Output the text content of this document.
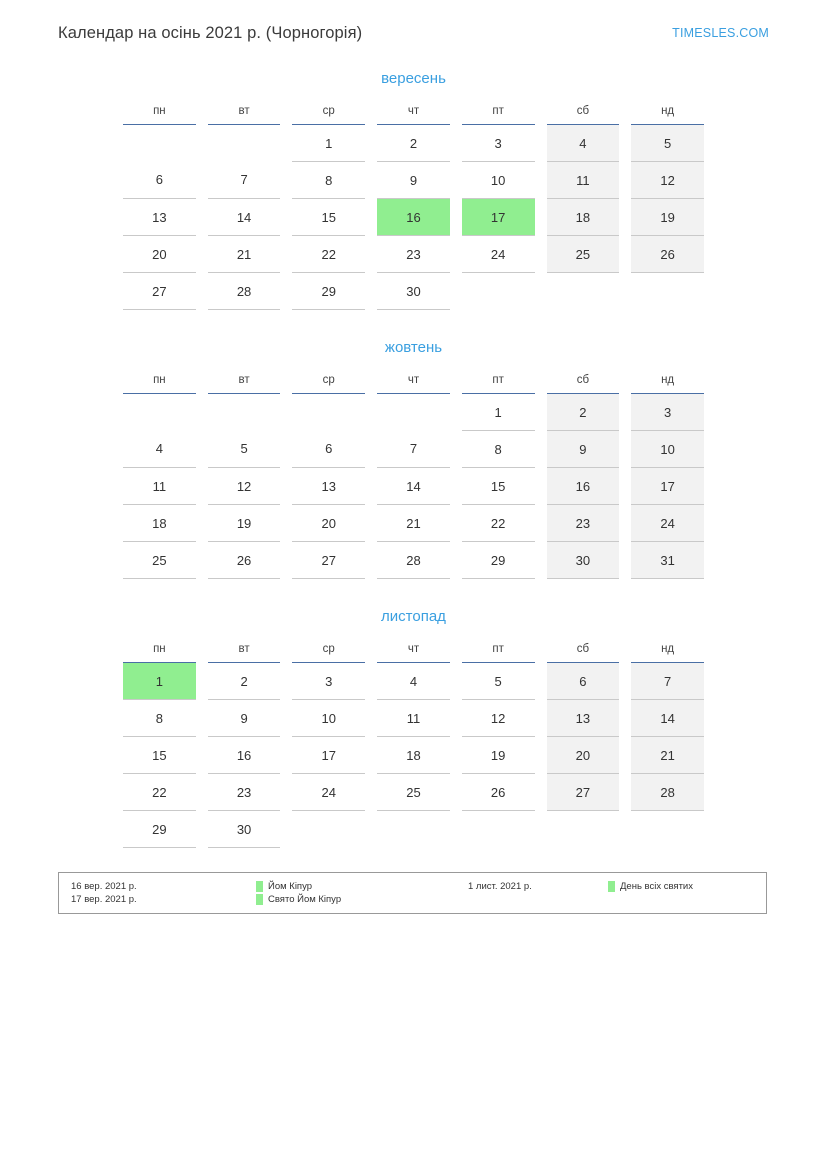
Календар на осінь 2021 р. (Чорногорія)	TIMESLES.COM
вересень
пн		вт		ср		чт		пт		сб		нд
				1		2		3		4		5
6		7		8		9		10		11		12
13		14		15		16		17		18		19
20		21		22		23		24		25		26
27		28		29		30						
жовтень
пн		вт		ср		чт		пт		сб		нд
								1		2		3
4		5		6		7		8		9		10
11		12		13		14		15		16		17
18		19		20		21		22		23		24
25		26		27		28		29		30		31
листопад
пн		вт		ср		чт		пт		сб		нд
1		2		3		4		5		6		7
8		9		10		11		12		13		14
15		16		17		18		19		20		21
22		23		24		25		26		27		28
29		30										
16 вер. 2021 р.	Йом Кіпур	1 лист. 2021 р.	День всіх святих
17 вер. 2021 р.	Свято Йом Кіпур
